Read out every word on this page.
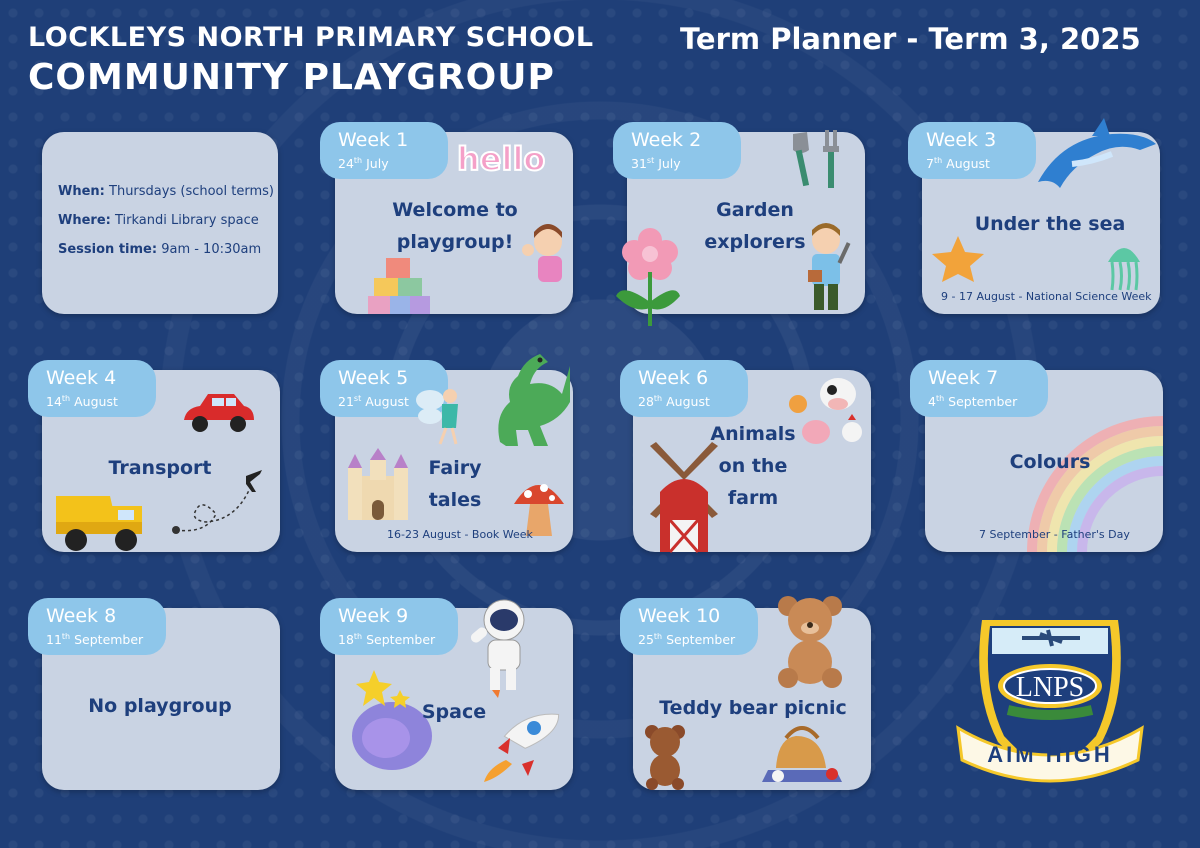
LOCKLEYS NORTH PRIMARY SCHOOL
COMMUNITY PLAYGROUP
Term Planner - Term 3, 2025

When: Thursdays (school terms)

Where: Tirkandi Library space

Session time: 9am - 10:30am

Week 1
24th July
Welcome to
playgroup!
hello	Week 2
31st July
Garden
explorers
Week 3
7th August
Under the sea
9 - 17 August - National Science Week
Week 4
14th August
Transport
Week 5
21st August
Fairy
tales
16-23 August - Book Week
Week 6
28th August
Animals
on the
farm
Week 7
4th September
Colours
7 September - Father's Day
Week 8
11th September
No playgroup
Week 9
18th September
Space
Week 10
25th September
Teddy bear picnic
LNPS
AIM HIGH
